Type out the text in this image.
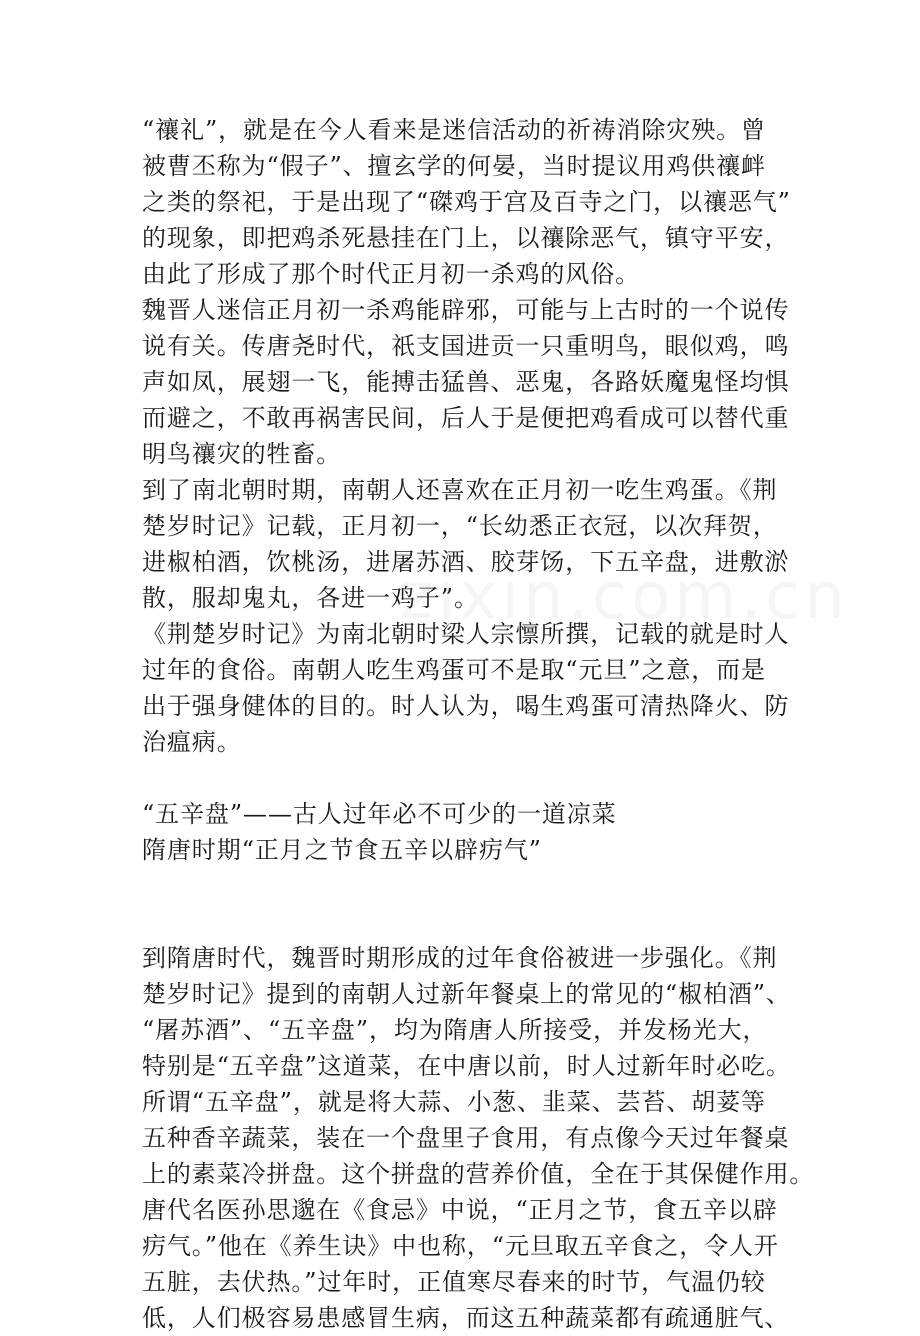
“禳礼”，就是在今人看来是迷信活动的祈祷消除灾殃。曾
被曹丕称为“假子”、擅玄学的何晏，当时提议用鸡供禳衅
之类的祭祀，于是出现了“磔鸡于宫及百寺之门，以禳恶气”
的现象，即把鸡杀死悬挂在门上，以禳除恶气，镇守平安，
由此了形成了那个时代正月初一杀鸡的风俗。
魏晋人迷信正月初一杀鸡能辟邪，可能与上古时的一个说传
说有关。传唐尧时代，祇支国进贡一只重明鸟，眼似鸡，鸣
声如凤，展翅一飞，能搏击猛兽、恶鬼，各路妖魔鬼怪均惧
而避之，不敢再祸害民间，后人于是便把鸡看成可以替代重
明鸟禳灾的牲畜。
到了南北朝时期，南朝人还喜欢在正月初一吃生鸡蛋。《荆
楚岁时记》记载，正月初一，“长幼悉正衣冠，以次拜贺，
进椒柏酒，饮桃汤，进屠苏酒、胶芽饧，下五辛盘，进敷淤
散，服却鬼丸，各进一鸡子”。
《荆楚岁时记》为南北朝时梁人宗懔所撰，记载的就是时人
过年的食俗。南朝人吃生鸡蛋可不是取“元旦”之意，而是
出于强身健体的目的。时人认为，喝生鸡蛋可清热降火、防
治瘟病。
“五辛盘”——古人过年必不可少的一道凉菜
隋唐时期“正月之节食五辛以辟疠气”
到隋唐时代，魏晋时期形成的过年食俗被进一步强化。《荆
楚岁时记》提到的南朝人过新年餐桌上的常见的“椒柏酒”、
“屠苏酒”、“五辛盘”，均为隋唐人所接受，并发杨光大，
特别是“五辛盘”这道菜，在中唐以前，时人过新年时必吃。
所谓“五辛盘”，就是将大蒜、小葱、韭菜、芸苔、胡荽等
五种香辛蔬菜，装在一个盘里子食用，有点像今天过年餐桌
上的素菜冷拼盘。这个拼盘的营养价值，全在于其保健作用。
唐代名医孙思邈在《食忌》中说，“正月之节，食五辛以辟
疠气。”他在《养生诀》中也称，“元旦取五辛食之，令人开
五脏，去伏热。”过年时，正值寒尽春来的时节，气温仍较
低，人们极容易患感冒生病，而这五种蔬菜都有疏通脏气、
